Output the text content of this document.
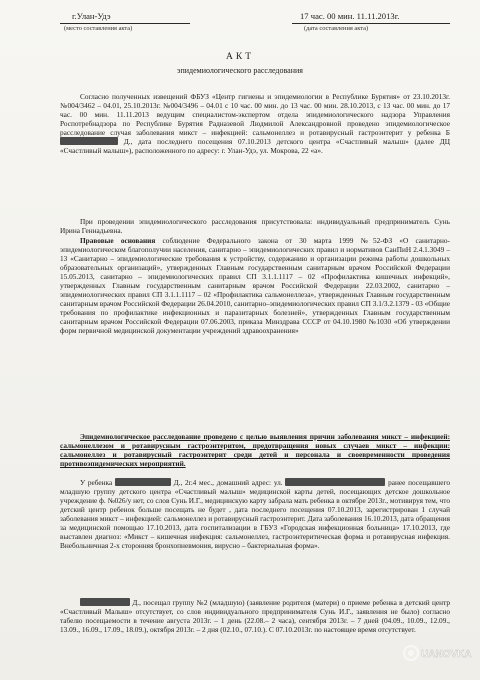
г.Улан-Удэ
(место составления акта)
17 час. 00 мин. 11.11.2013г.
(дата составления акта)
АКТ
эпидемиологического расследования
Согласно полученных извещений ФБУЗ «Центр гигиены и эпидемиологии в Республике Бурятия» от 23.10.2013г. №004/3462 – 04.01, 25.10.2013г. №004/3496 – 04.01 с 10 час. 00 мин. до 13 час. 00 мин. 28.10.2013, с 13 час. 00 мин. до 17 час. 00 мин. 11.11.2013 ведущим специалистом-экспертом отдела эпидемиологического надзора Управления Роспотребнадзора по Республике Бурятия Радназевой Людмилой Александровной проведено эпидемиологическое расследование случая заболевания микст – инфекцией: сальмонеллез и ротавирусный гастроэнтерит у ребенка Б Д., дата последнего посещения 07.10.2013 детского центра «Счастливый малыш» (далее ДЦ «Счастливый малыш»), расположенного по адресу: г. Улан-Удэ, ул. Мокрова, 22 «а».
При проведении эпидемиологического расследования присутствовала: индивидуальный предприниматель Сунь Ирина Геннадьевна.
Правовые основания соблюдение Федерального закона от 30 марта 1999 №52-ФЗ «О санитарно-эпидемиологическом благополучии населения, санитарно – эпидемиологических правил и нормативов СанПиН 2.4.1.3049 – 13 «Санитарно – эпидемиологические требования к устройству, содержанию и организации режима работы дошкольных образовательных организаций», утвержденных Главным государственным санитарным врачом Российской Федерации 15.05.2013, санитарно – эпидемиологических правил СП 3.1.1.1117 – 02 «Профилактика кишечных инфекций», утвержденных Главным государственным санитарным врачом Российской Федерации 22.03.2002, санитарно – эпидемиологических правил СП 3.1.1.1117 – 02 «Профилактика сальмонеллеза», утвержденных Главным государственным санитарным врачом Российской Федерации 26.04.2010, санитарно–эпидемиологических правил СП 3.1/3.2.1379 - 03 «Общие требования по профилактике инфекционных и паразитарных болезней», утвержденных Главным государственным санитарным врачом Российской Федерации 07.06.2003, приказа Минздрава СССР от 04.10.1980 №1030 «Об утверждении форм первичной медицинской документации учреждений здравоохранения»
Эпидемиологическое расследование проведено с целью выявления причин заболевания микст – инфекцией: сальмонеллезом и ротавирусным гастроэнтеритом, предотвращения новых случаев микст – инфекции: сальмонеллез и ротавирусный гастроэнтерит среди детей и персонала и своевременности проведения противоэпидемических мероприятий.
У ребенка	Д., 2г.4 мес., домашний адрес: ул.	ранее посещавшего младшую группу детского центра «Счастливый малыш» медицинской карты детей, посещающих детское дошкольное учреждение ф. №026/у нет, со слов Сунь И.Г., медицинскую карту забрала мать ребенка в октябре 2013г., мотивируя тем, что детский центр ребенок больше посещать не будет , дата последнего посещения 07.10.2013, зарегистрирован 1 случай заболевания микст – инфекцией: сальмонеллез и ротавирусный гастроэнтерит. Дата заболевания 16.10.2013, дата обращения за медицинской помощью 17.10.2013, дата госпитализации в ГБУЗ «Городская инфекционная больница» 17.10.2013, где выставлен диагноз: «Микст – кишечная инфекция: сальмонеллез, гастроэнтеритическая форма и ротавирусная инфекция. Внебольничная 2-х сторонняя бронхопневмония, вирусно – бактериальная форма».
Д., посещал группу №2 (младшую) (заявление родителя (матери) о приеме ребенка в детский центр «Счастливый Малыш» отсутствует, со слов индивидуального предпринимателя Сунь И.Г., заявления не было) согласно табелю посещаемости в течение августа 2013г. – 1 день (22.08.– 2 часа), сентября 2013г. – 7 дней (04.09., 10.09., 12.09., 13.09., 16.09., 17.09., 18.09.), октября 2013г. – 2 дня (02.10., 07.10.). С 07.10.2013г. по настоящее время отсутствует.
UANOVKA
